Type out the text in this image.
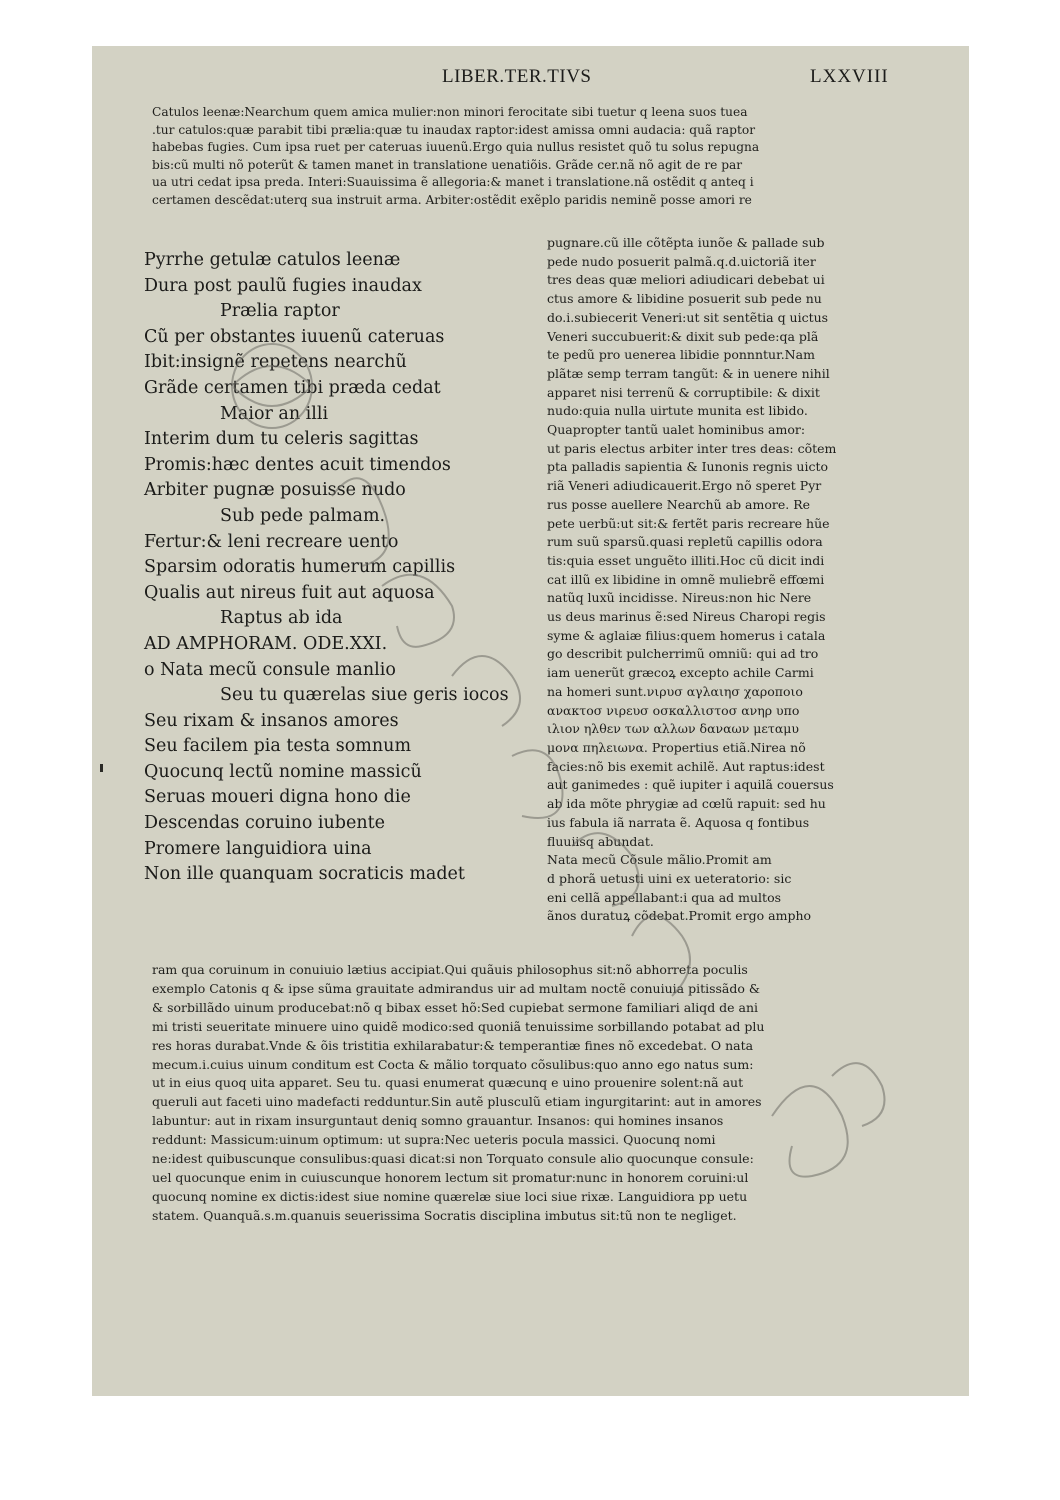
LIBER.TER.TIVS	LXXVIII
Catulos leenæ:Nearchum quem amica mulier:non minori ferocitate sibi tuetur q leena suos tuea
.tur catulos:quæ parabit tibi prælia:quæ tu inaudax raptor:idest amissa omni audacia: quã raptor
habebas fugies. Cum ipsa ruet per cateruas iuuenũ.Ergo quia nullus resistet quõ tu solus repugna
bis:cũ multi nõ poterũt & tamen manet in translatione uenatiõis. Grãde cer.nã nõ agit de re par
ua utri cedat ipsa preda. Interi:Suauissima ẽ allegoria:& manet i translatione.nã ostẽdit q anteq i
certamen descẽdat:uterq sua instruit arma. Arbiter:ostẽdit exẽplo paridis neminẽ posse amori re
Pyrrhe getulæ catulos leenæ
Dura post paulũ fugies inaudax
Prælia raptor
Cũ per obstantes iuuenũ cateruas
Ibit:insignẽ repetens nearchũ
Grãde certamen tibi præda cedat
Maior an illi
Interim dum tu celeris sagittas
Promis:hæc dentes acuit timendos
Arbiter pugnæ posuisse nudo
Sub pede palmam.
Fertur:& leni recreare uento
Sparsim odoratis humerum capillis
Qualis aut nireus fuit aut aquosa
Raptus ab ida
AD AMPHORAM. ODE.XXI.
o Nata mecũ consule manlio
Seu tu quærelas siue geris iocos
Seu rixam & insanos amores
Seu facilem pia testa somnum
Quocunq lectũ nomine massicũ
Seruas moueri digna hono die
Descendas coruino iubente
Promere languidiora uina
Non ille quanquam socraticis madet
pugnare.cũ ille cõtẽpta iunõe & pallade sub
pede nudo posuerit palmã.q.d.uictoriã iter
tres deas quæ meliori adiudicari debebat ui
ctus amore & libidine posuerit sub pede nu
do.i.subiecerit Veneri:ut sit sentẽtia q uictus
Veneri succubuerit:& dixit sub pede:qa plã
te pedũ pro uenerea libidie ponnntur.Nam
plãtæ semp terram tangũt: & in uenere nihil
apparet nisi terrenũ & corruptibile: & dixit
nudo:quia nulla uirtute munita est libido.
Quapropter tantũ ualet hominibus amor:
ut paris electus arbiter inter tres deas: cõtem
pta palladis sapientia & Iunonis regnis uicto
riã Veneri adiudicauerit.Ergo nõ speret Pyr
rus posse auellere Nearchũ ab amore. Re
pete uerbũ:ut sit:& fertẽt paris recreare hũe
rum suũ sparsũ.quasi repletũ capillis odora
tis:quia esset unguẽto illiti.Hoc cũ dicit indi
cat illũ ex libidine in omnẽ muliebrẽ effœmi
natũq luxũ incidisse. Nireus:non hic Nere
us deus marinus ẽ:sed Nireus Charopi regis
syme & aglaiæ filius:quem homerus i catala
go describit pulcherrimũ omniũ: qui ad tro
iam uenerũt græcoꝝ excepto achile Carmi
na homeri sunt.νιρυσ αγλαιησ χαροποιο
ανακτοσ νιρευσ οσκαλλιστοσ ανηρ υπο
ιλιον ηλθεν των αλλων δαναων μεταμυ
μονα πηλειωνα. Propertius etiã.Nirea nõ
facies:nõ bis exemit achilẽ. Aut raptus:idest
aut ganimedes : quẽ iupiter i aquilã couersus
ab ida mõte phrygiæ ad cœlũ rapuit: sed hu
ius fabula iã narrata ẽ. Aquosa q fontibus
fluuiisq abundat.
Nata mecũ Cõsule mãlio.Promit am
d phorã uetusti uini ex ueteratorio: sic
eni cellã appellabant:i qua ad multos
ãnos duratuꝝ cõdebat.Promit ergo ampho
ram qua coruinum in conuiuio lætius accipiat.Qui quãuis philosophus sit:nõ abhorreta poculis
exemplo Catonis q & ipse sũma grauitate admirandus uir ad multam noctẽ conuiuia pitissãdo &
& sorbillãdo uinum producebat:nõ q bibax esset hõ:Sed cupiebat sermone familiari aliqd de ani
mi tristi seueritate minuere uino quidẽ modico:sed quoniã tenuissime sorbillando potabat ad plu
res horas durabat.Vnde & õis tristitia exhilarabatur:& temperantiæ fines nõ excedebat. O nata
mecum.i.cuius uinum conditum est Cocta & mãlio torquato cõsulibus:quo anno ego natus sum:
ut in eius quoq uita apparet. Seu tu. quasi enumerat quæcunq e uino prouenire solent:nã aut
queruli aut faceti uino madefacti redduntur.Sin autẽ plusculũ etiam ingurgitarint: aut in amores
labuntur: aut in rixam insurguntaut deniq somno grauantur. Insanos: qui homines insanos
reddunt: Massicum:uinum optimum: ut supra:Nec ueteris pocula massici. Quocunq nomi
ne:idest quibuscunque consulibus:quasi dicat:si non Torquato consule alio quocunque consule:
uel quocunque enim in cuiuscunque honorem lectum sit promatur:nunc in honorem coruini:ul
quocunq nomine ex dictis:idest siue nomine quærelæ siue loci siue rixæ. Languidiora pp uetu
statem. Quanquã.s.m.quanuis seuerissima Socratis disciplina imbutus sit:tũ non te negliget.
